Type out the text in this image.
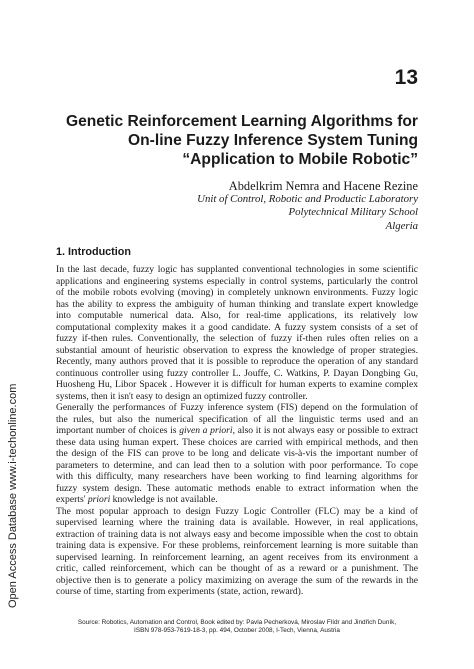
13
Genetic Reinforcement Learning Algorithms for
On-line Fuzzy Inference System Tuning
“Application to Mobile Robotic”
Abdelkrim Nemra and Hacene Rezine
Unit of Control, Robotic and Productic Laboratory
Polytechnical Military School
Algeria
1. Introduction
In the last decade, fuzzy logic has supplanted conventional technologies in some scientific
applications and engineering systems especially in control systems, particularly the control
of the mobile robots evolving (moving) in completely unknown environments. Fuzzy logic
has the ability to express the ambiguity of human thinking and translate expert knowledge
into computable numerical data. Also, for real-time applications, its relatively low
computational complexity makes it a good candidate. A fuzzy system consists of a set of
fuzzy if-then rules. Conventionally, the selection of fuzzy if-then rules often relies on a
substantial amount of heuristic observation to express the knowledge of proper strategies.
Recently, many authors proved that it is possible to reproduce the operation of any standard
continuous controller using fuzzy controller L. Jouffe, C. Watkins, P. Dayan Dongbing Gu,
Huosheng Hu, Libor Spacek . However it is difficult for human experts to examine complex
systems, then it isn't easy to design an optimized fuzzy controller.
Generally the performances of Fuzzy inference system (FIS) depend on the formulation of
the rules, but also the numerical specification of all the linguistic terms used and an
important number of choices is given a priori, also it is not always easy or possible to extract
these data using human expert. These choices are carried with empirical methods, and then
the design of the FIS can prove to be long and delicate vis-à-vis the important number of
parameters to determine, and can lead then to a solution with poor performance. To cope
with this difficulty, many researchers have been working to find learning algorithms for
fuzzy system design. These automatic methods enable to extract information when the
experts' priori knowledge is not available.
The most popular approach to design Fuzzy Logic Controller (FLC) may be a kind of
supervised learning where the training data is available. However, in real applications,
extraction of training data is not always easy and become impossible when the cost to obtain
training data is expensive. For these problems, reinforcement learning is more suitable than
supervised learning. In reinforcement learning, an agent receives from its environment a
critic, called reinforcement, which can be thought of as a reward or a punishment. The
objective then is to generate a policy maximizing on average the sum of the rewards in the
course of time, starting from experiments (state, action, reward).
Open Access Database www.i-techonline.com
Source: Robotics, Automation and Control, Book edited by: Pavla Pecherková, Miroslav Flídr and Jindřich Duník,
ISBN 978-953-7619-18-3, pp. 494, October 2008, I-Tech, Vienna, Austria
